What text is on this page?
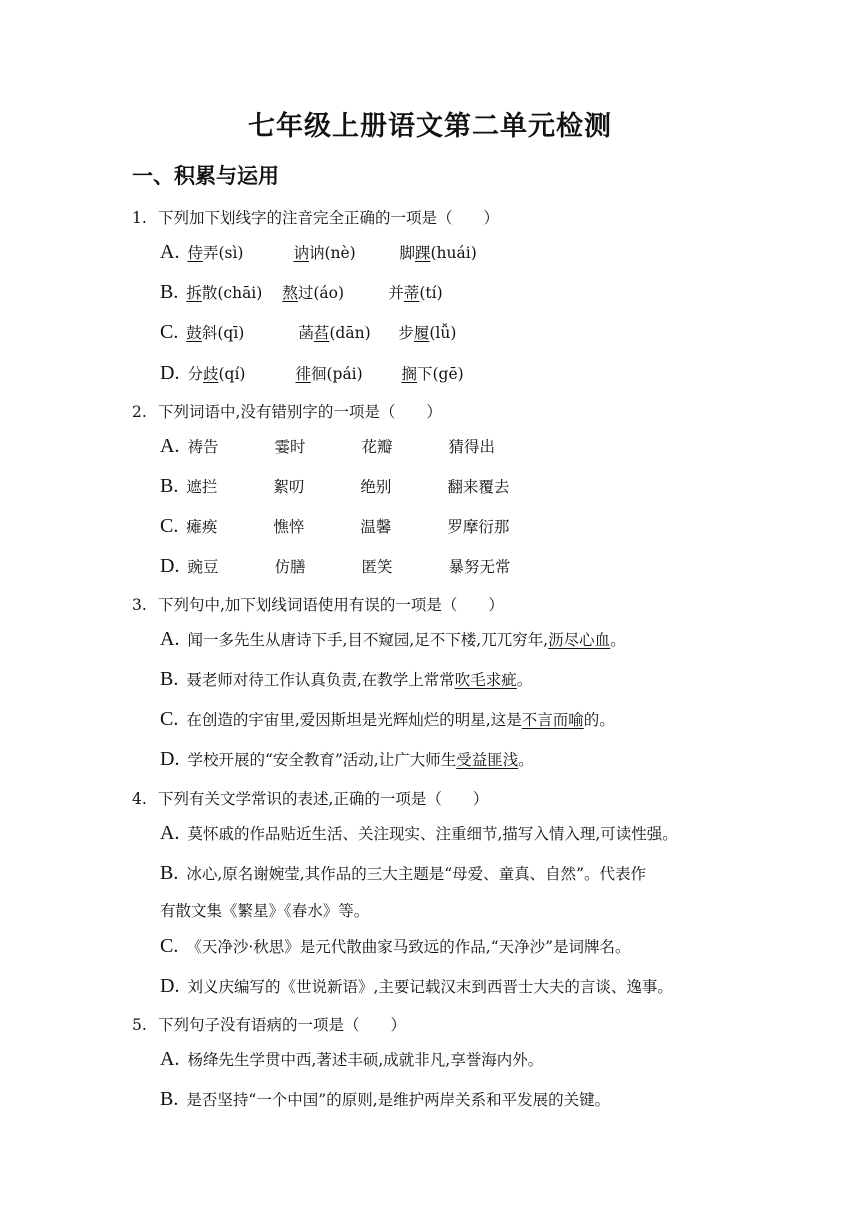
七年级上册语文第二单元检测
一、积累与运用
1. 下列加下划线字的注音完全正确的一项是（　　）
A. 侍弄(sì)	讷讷(nè)	脚踝(huái)
B. 拆散(chāi) 熬过(áo)	并蒂(tí)
C. 鼓斜(qī)	菡萏(dān) 步履(lǚ)
D. 分歧(qí)	徘徊(pái)	搁下(gē)
2. 下列词语中,没有错别字的一项是（　　）
A. 祷告	霎时	花瓣	猜得出
B. 遮拦	絮叨	绝别	翻来覆去
C. 瘫痪	憔悴	温馨	罗摩衍那
D. 豌豆	仿膳	匿笑	暴努无常
3. 下列句中,加下划线词语使用有误的一项是（　　）
A. 闻一多先生从唐诗下手,目不窥园,足不下楼,兀兀穷年,沥尽心血。
B. 聂老师对待工作认真负责,在教学上常常吹毛求疵。
C. 在创造的宇宙里,爱因斯坦是光辉灿烂的明星,这是不言而喻的。
D. 学校开展的“安全教育”活动,让广大师生受益匪浅。
4. 下列有关文学常识的表述,正确的一项是（　　）
A. 莫怀戚的作品贴近生活、关注现实、注重细节,描写入情入理,可读性强。
B. 冰心,原名谢婉莹,其作品的三大主题是“母爱、童真、自然”。代表作
有散文集《繁星》《春水》等。
C. 《天净沙·秋思》是元代散曲家马致远的作品,“天净沙”是词牌名。
D. 刘义庆编写的《世说新语》,主要记载汉末到西晋士大夫的言谈、逸事。
5. 下列句子没有语病的一项是（　　）
A. 杨绛先生学贯中西,著述丰硕,成就非凡,享誉海内外。
B. 是否坚持“一个中国”的原则,是维护两岸关系和平发展的关键。
